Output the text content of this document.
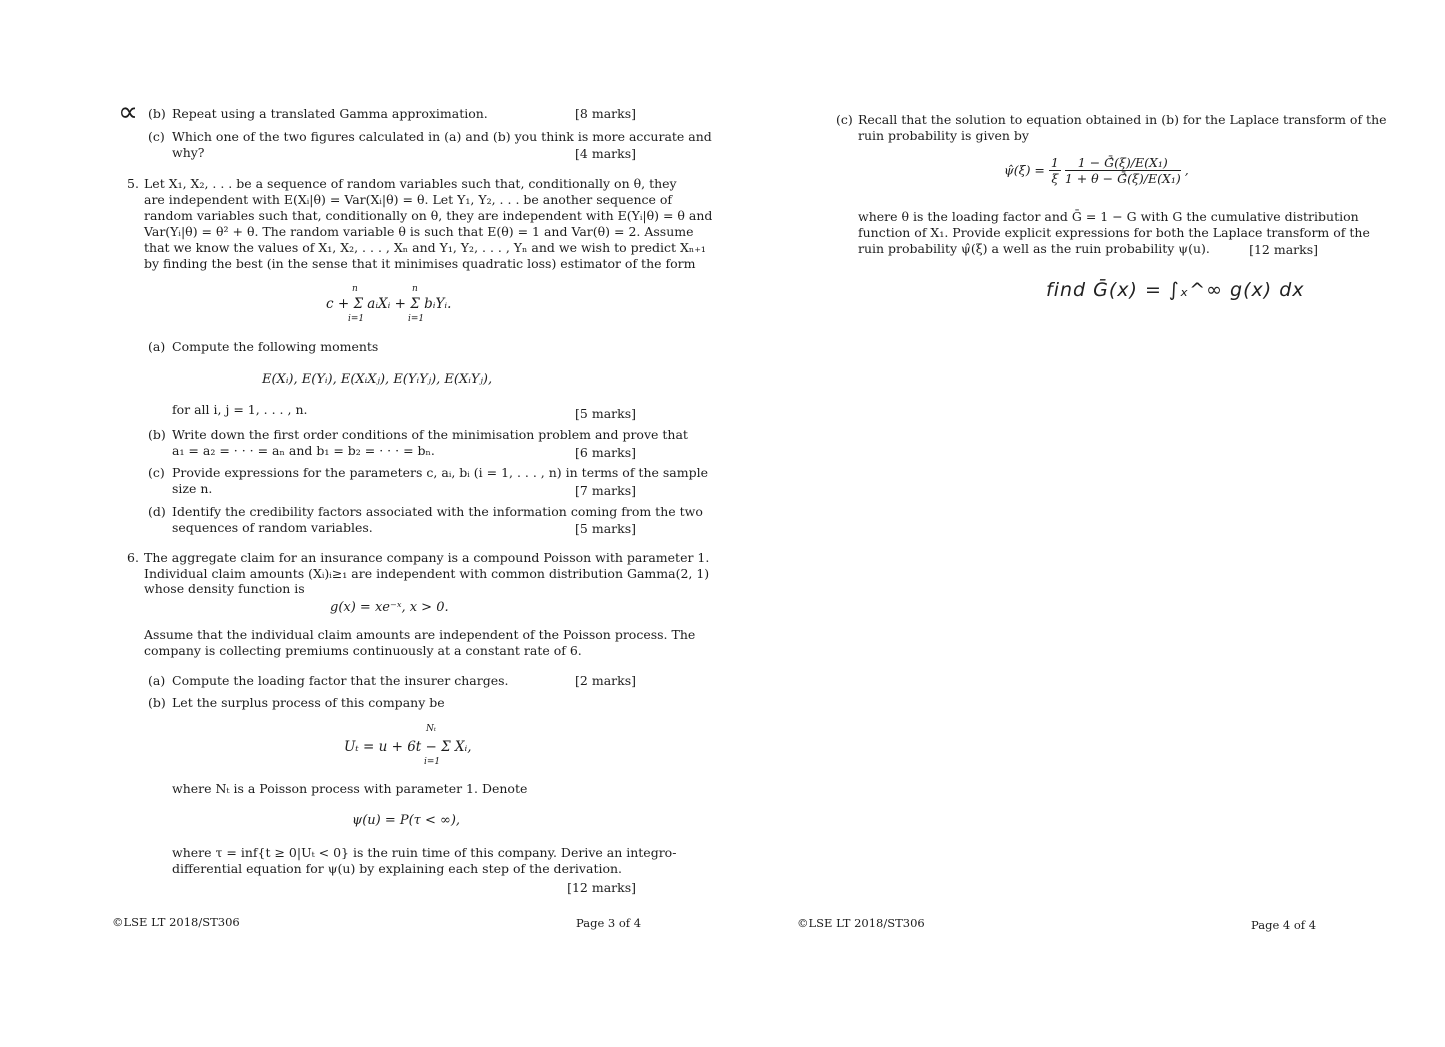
∝ (b) Repeat using a translated Gamma approximation.	[8 marks]
(c) Which one of the two figures calculated in (a) and (b) you think is more accurate and
why?	[4 marks]
5. Let X₁, X₂, . . . be a sequence of random variables such that, conditionally on θ, they
are independent with E(Xᵢ|θ) = Var(Xᵢ|θ) = θ. Let Y₁, Y₂, . . . be another sequence of
random variables such that, conditionally on θ, they are independent with E(Yᵢ|θ) = θ and
Var(Yᵢ|θ) = θ² + θ. The random variable θ is such that E(θ) = 1 and Var(θ) = 2. Assume
that we know the values of X₁, X₂, . . . , Xₙ and Y₁, Y₂, . . . , Yₙ and we wish to predict Xₙ₊₁
by finding the best (in the sense that it minimises quadratic loss) estimator of the form
n	n
c + Σ aᵢXᵢ + Σ bᵢYᵢ.
i=1	i=1
(a) Compute the following moments
E(Xᵢ), E(Yᵢ), E(XᵢXⱼ), E(YᵢYⱼ), E(XᵢYⱼ),
for all i, j = 1, . . . , n.	[5 marks]
(b) Write down the first order conditions of the minimisation problem and prove that
a₁ = a₂ = · · · = aₙ and b₁ = b₂ = · · · = bₙ.	[6 marks]
(c) Provide expressions for the parameters c, aᵢ, bᵢ (i = 1, . . . , n) in terms of the sample
size n.	[7 marks]
(d) Identify the credibility factors associated with the information coming from the two
sequences of random variables.	[5 marks]
6. The aggregate claim for an insurance company is a compound Poisson with parameter 1.
Individual claim amounts (Xᵢ)ᵢ≥₁ are independent with common distribution Gamma(2, 1)
whose density function is
g(x) = xe⁻ˣ, x > 0.
Assume that the individual claim amounts are independent of the Poisson process. The
company is collecting premiums continuously at a constant rate of 6.
(a) Compute the loading factor that the insurer charges.	[2 marks]
(b) Let the surplus process of this company be
Nₜ
Uₜ = u + 6t − Σ Xᵢ,
i=1
where Nₜ is a Poisson process with parameter 1. Denote
ψ(u) = P(τ < ∞),
where τ = inf{t ≥ 0|Uₜ < 0} is the ruin time of this company. Derive an integro-
differential equation for ψ(u) by explaining each step of the derivation.
[12 marks]
©LSE LT 2018/ST306	Page 3 of 4
(c) Recall that the solution to equation obtained in (b) for the Laplace transform of the
ruin probability is given by
ψ̂(ξ) = $\frac{1}{\xi}$
$\frac{\text{1 − Ḡ̂(ξ)/E(X₁)}}{\text{1 + θ − Ḡ̂(ξ)/E(X₁)}}$ ,
where θ is the loading factor and Ḡ = 1 − G with G the cumulative distribution
function of X₁. Provide explicit expressions for both the Laplace transform of the
ruin probability ψ̂(ξ) a well as the ruin probability ψ(u).	[12 marks]
find Ḡ(x) = ∫ₓ^∞ g(x) dx
©LSE LT 2018/ST306	Page 4 of 4
